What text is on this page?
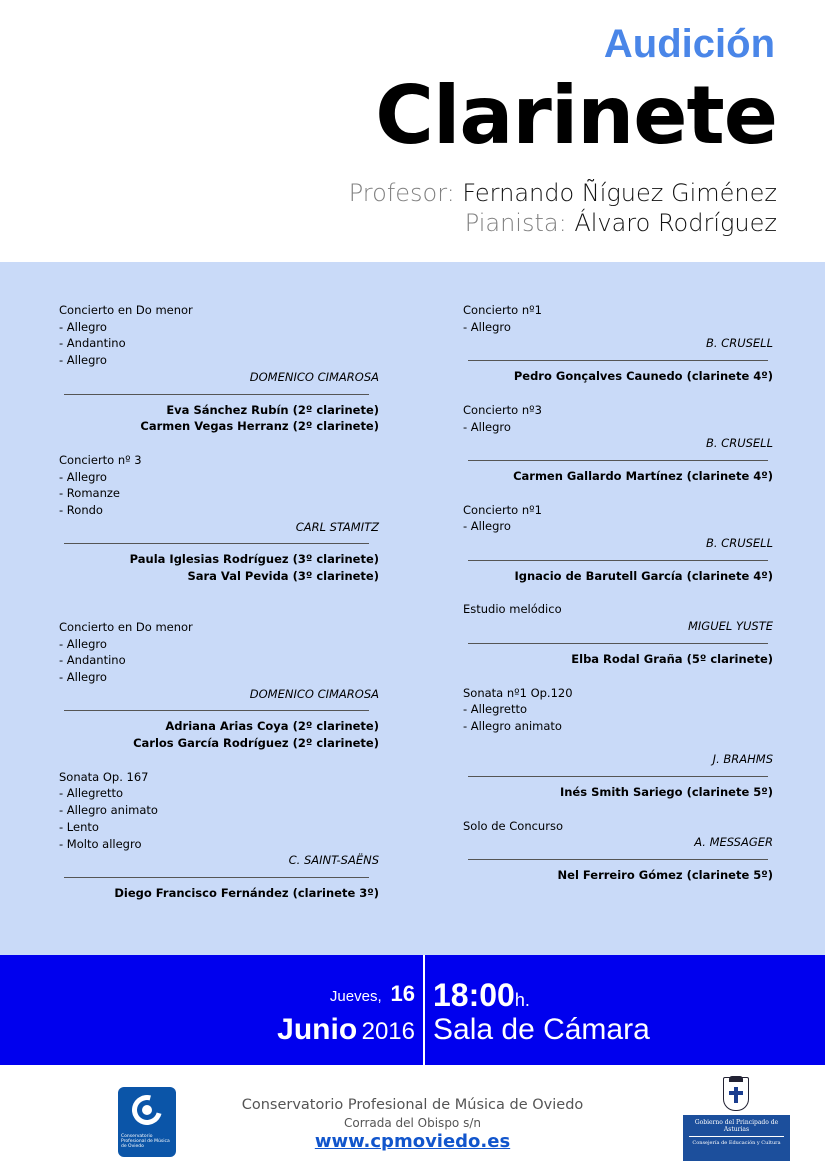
Audición
Clarinete
Profesor: Fernando Ñíguez Giménez
Pianista: Álvaro Rodríguez
Concierto en Do menor
- Allegro
- Andantino
- Allegro
DOMENICO CIMAROSA
Eva Sánchez Rubín (2º clarinete)
Carmen Vegas Herranz (2º clarinete)
Concierto nº 3
- Allegro
- Romanze
- Rondo
CARL STAMITZ
Paula Iglesias Rodríguez (3º clarinete)
Sara Val Pevida (3º clarinete)
Concierto en Do menor
- Allegro
- Andantino
- Allegro
DOMENICO CIMAROSA
Adriana Arias Coya (2º clarinete)
Carlos García Rodríguez (2º clarinete)
Sonata Op. 167
- Allegretto
- Allegro animato
- Lento
- Molto allegro
C. SAINT-SAËNS
Diego Francisco Fernández (clarinete 3º)
Concierto nº1
- Allegro
B. CRUSELL
Pedro Gonçalves Caunedo (clarinete 4º)
Concierto nº3
- Allegro
B. CRUSELL
Carmen Gallardo Martínez (clarinete 4º)
Concierto nº1
- Allegro
B. CRUSELL
Ignacio de Barutell García (clarinete 4º)
Estudio melódico
MIGUEL YUSTE
Elba Rodal Graña (5º clarinete)
Sonata nº1 Op.120
- Allegretto
- Allegro animato
J. BRAHMS
Inés Smith Sariego (clarinete 5º)
Solo de Concurso
A. MESSAGER
Nel Ferreiro Gómez (clarinete 5º)
Jueves, 16
Junio 2016
18:00h.
Sala de Cámara
Conservatorio Profesional de Música de Oviedo
Conservatorio Profesional de Música de Oviedo
Corrada del Obispo s/n
www.cpmoviedo.es
Gobierno del Principado de Asturias
Consejería de Educación y Cultura
